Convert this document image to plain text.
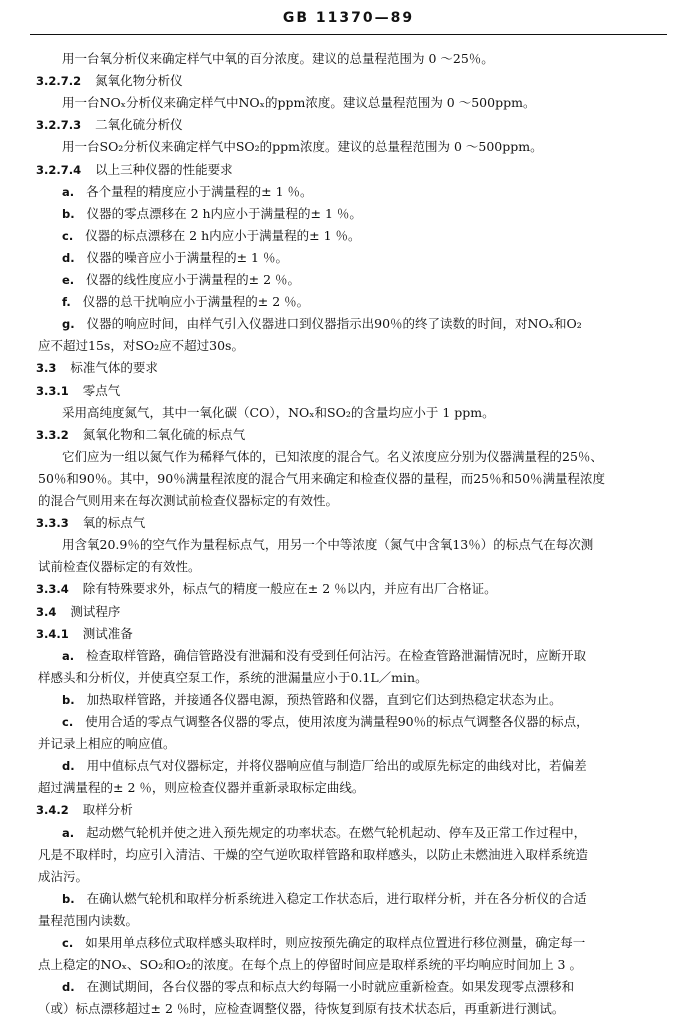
GB 11370—89
用一台氧分析仪来确定样气中氧的百分浓度。建议的总量程范围为 0 ～25％。
3.2.7.2 氮氧化物分析仪
用一台NOₓ分析仪来确定样气中NOₓ的ppm浓度。建议总量程范围为 0 ～500ppm。
3.2.7.3 二氧化硫分析仪
用一台SO₂分析仪来确定样气中SO₂的ppm浓度。建议的总量程范围为 0 ～500ppm。
3.2.7.4 以上三种仪器的性能要求
a. 各个量程的精度应小于满量程的± 1 ％。
b. 仪器的零点漂移在 2 h内应小于满量程的± 1 ％。
c. 仪器的标点漂移在 2 h内应小于满量程的± 1 ％。
d. 仪器的噪音应小于满量程的± 1 ％。
e. 仪器的线性度应小于满量程的± 2 ％。
f. 仪器的总干扰响应小于满量程的± 2 ％。
g. 仪器的响应时间，由样气引入仪器进口到仪器指示出90％的终了读数的时间，对NOₓ和O₂
应不超过15s，对SO₂应不超过30s。
3.3 标准气体的要求
3.3.1 零点气
采用高纯度氮气，其中一氧化碳（CO），NOₓ和SO₂的含量均应小于 1 ppm。
3.3.2 氮氧化物和二氧化硫的标点气
它们应为一组以氮气作为稀释气体的，已知浓度的混合气。名义浓度应分别为仪器满量程的25％、
50％和90％。其中，90％满量程浓度的混合气用来确定和检查仪器的量程，而25％和50％满量程浓度
的混合气则用来在每次测试前检查仪器标定的有效性。
3.3.3 氧的标点气
用含氧20.9％的空气作为量程标点气，用另一个中等浓度（氮气中含氧13％）的标点气在每次测
试前检查仪器标定的有效性。
3.3.4 除有特殊要求外，标点气的精度一般应在± 2 ％以内，并应有出厂合格证。
3.4 测试程序
3.4.1 测试准备
a. 检查取样管路，确信管路没有泄漏和没有受到任何沾污。在检查管路泄漏情况时，应断开取
样感头和分析仪，并使真空泵工作，系统的泄漏量应小于0.1L／min。
b. 加热取样管路，并接通各仪器电源，预热管路和仪器，直到它们达到热稳定状态为止。
c. 使用合适的零点气调整各仪器的零点，使用浓度为满量程90％的标点气调整各仪器的标点，
并记录上相应的响应值。
d. 用中值标点气对仪器标定，并将仪器响应值与制造厂给出的或原先标定的曲线对比，若偏差
超过满量程的± 2 ％，则应检查仪器并重新录取标定曲线。
3.4.2 取样分析
a. 起动燃气轮机并使之进入预先规定的功率状态。在燃气轮机起动、停车及正常工作过程中，
凡是不取样时，均应引入清洁、干燥的空气逆吹取样管路和取样感头，以防止未燃油进入取样系统造
成沾污。
b. 在确认燃气轮机和取样分析系统进入稳定工作状态后，进行取样分析，并在各分析仪的合适
量程范围内读数。
c. 如果用单点移位式取样感头取样时，则应按预先确定的取样点位置进行移位测量，确定每一
点上稳定的NOₓ、SO₂和O₂的浓度。在每个点上的停留时间应是取样系统的平均响应时间加上 3 。
d. 在测试期间，各台仪器的零点和标点大约每隔一小时就应重新检查。如果发现零点漂移和
（或）标点漂移超过± 2 ％时，应检查调整仪器，待恢复到原有技术状态后，再重新进行测试。
